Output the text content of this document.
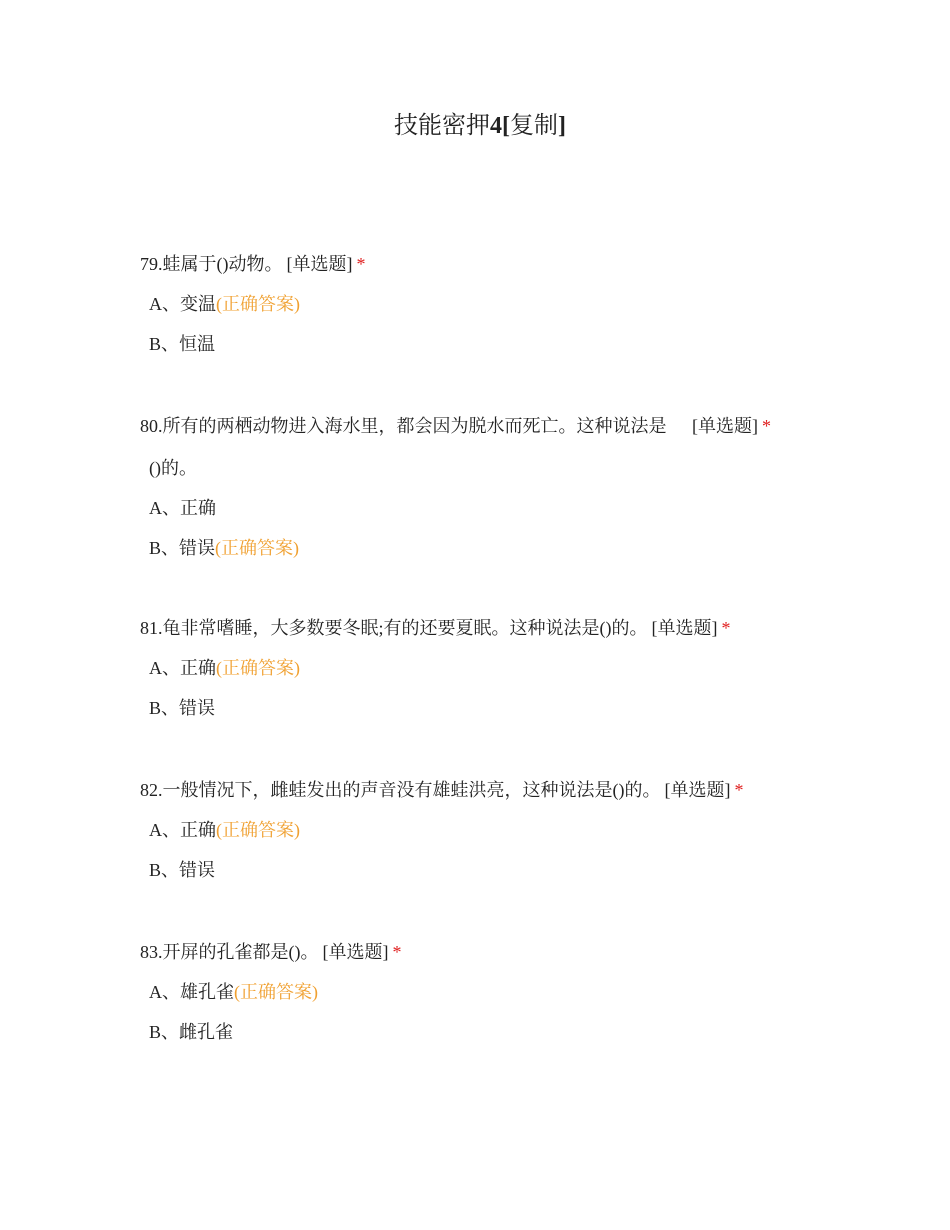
技能密押4[复制]
79.蛙属于()动物。 [单选题] *
A、变温(正确答案)
B、恒温
80.所有的两栖动物进入海水里，都会因为脱水而死亡。这种说法是 [单选题] *
()的。
A、正确
B、错误(正确答案)
81.龟非常嗜睡，大多数要冬眠;有的还要夏眠。这种说法是()的。 [单选题] *
A、正确(正确答案)
B、错误
82.一般情况下，雌蛙发出的声音没有雄蛙洪亮，这种说法是()的。 [单选题] *
A、正确(正确答案)
B、错误
83.开屏的孔雀都是()。 [单选题] *
A、雄孔雀(正确答案)
B、雌孔雀
